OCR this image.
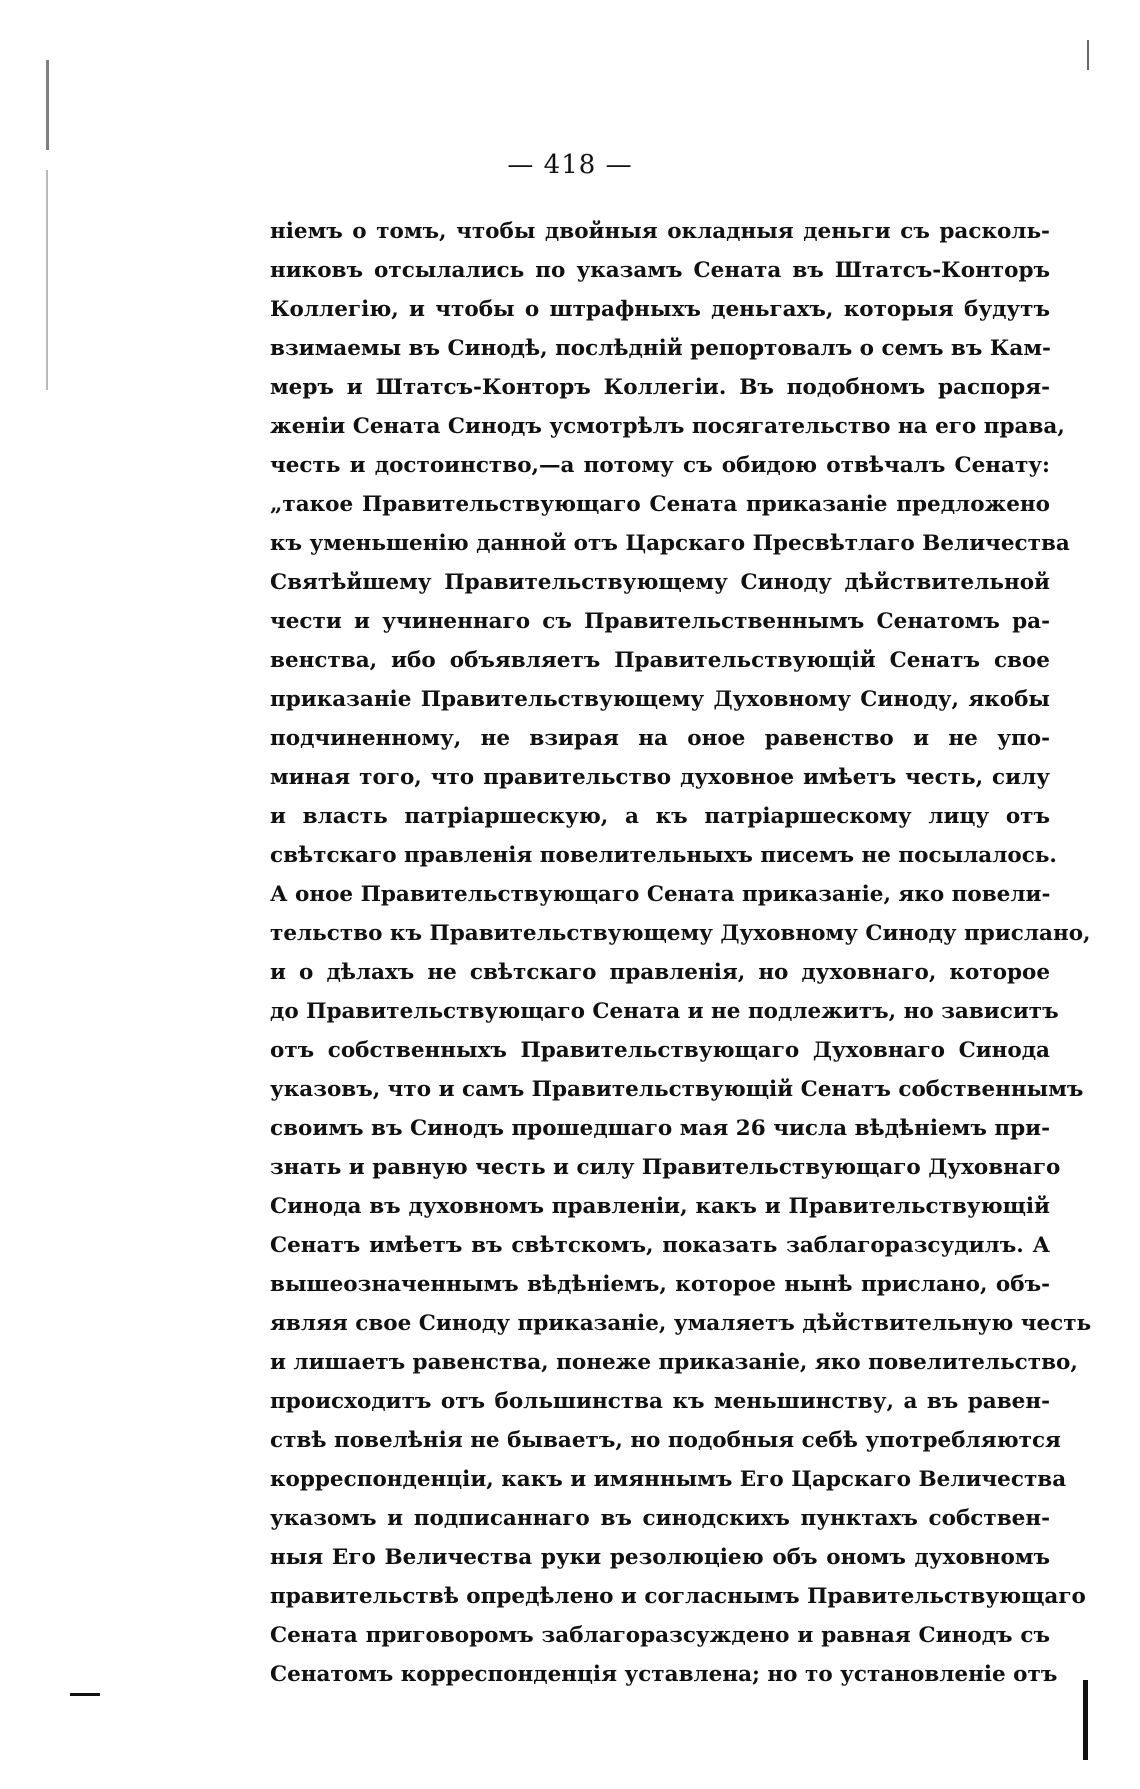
— 418 —
ніемъ о томъ, чтобы двойныя окладныя деньги съ расколь-
никовъ отсылались по указамъ Сената въ Штатсъ-Конторъ
Коллегію, и чтобы о штрафныхъ деньгахъ, которыя будутъ
взимаемы въ Синодѣ, послѣдній репортовалъ о семъ въ Кам-
меръ и Штатсъ-Конторъ Коллегіи. Въ подобномъ распоря-
женіи Сената Синодъ усмотрѣлъ посягательство на его права,
честь и достоинство,—а потому съ обидою отвѣчалъ Сенату:
„такое Правительствующаго Сената приказаніе предложено
къ уменьшенію данной отъ Царскаго Пресвѣтлаго Величества
Святѣйшему Правительствующему Синоду дѣйствительной
чести и учиненнаго съ Правительственнымъ Сенатомъ ра-
венства, ибо объявляетъ Правительствующій Сенатъ свое
приказаніе Правительствующему Духовному Синоду, якобы
подчиненному, не взирая на оное равенство и не упо-
миная того, что правительство духовное имѣетъ честь, силу
и власть патріаршескую, а къ патріаршескому лицу отъ
свѣтскаго правленія повелительныхъ писемъ не посылалось.
А оное Правительствующаго Сената приказаніе, яко повели-
тельство къ Правительствующему Духовному Синоду прислано,
и о дѣлахъ не свѣтскаго правленія, но духовнаго, которое
до Правительствующаго Сената и не подлежитъ, но зависитъ
отъ собственныхъ Правительствующаго Духовнаго Синода
указовъ, что и самъ Правительствующій Сенатъ собственнымъ
своимъ въ Синодъ прошедшаго мая 26 числа вѣдѣніемъ при-
знать и равную честь и силу Правительствующаго Духовнаго
Синода въ духовномъ правленіи, какъ и Правительствующій
Сенатъ имѣетъ въ свѣтскомъ, показать заблагоразсудилъ. А
вышеозначеннымъ вѣдѣніемъ, которое нынѣ прислано, объ-
являя свое Синоду приказаніе, умаляетъ дѣйствительную честь
и лишаетъ равенства, понеже приказаніе, яко повелительство,
происходитъ отъ большинства къ меньшинству, а въ равен-
ствѣ повелѣнія не бываетъ, но подобныя себѣ употребляются
корреспонденціи, какъ и имяннымъ Его Царскаго Величества
указомъ и подписаннаго въ синодскихъ пунктахъ собствен-
ныя Его Величества руки резолюціею объ ономъ духовномъ
правительствѣ опредѣлено и согласнымъ Правительствующаго
Сената приговоромъ заблагоразсуждено и равная Синодъ съ
Сенатомъ корреспонденція уставлена; но то установленіе отъ
